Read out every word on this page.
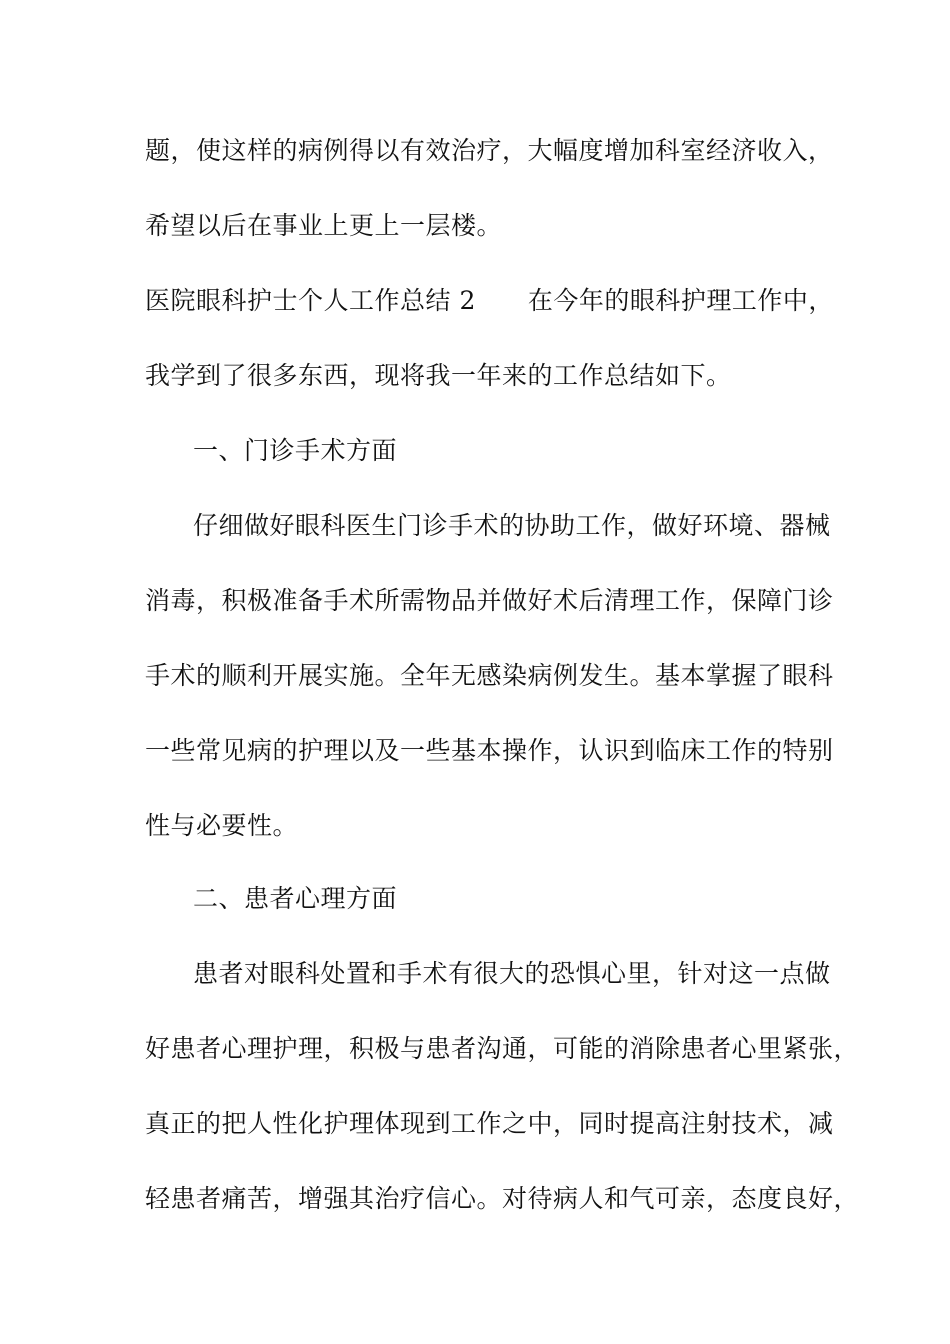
题，使这样的病例得以有效治疗，大幅度增加科室经济收入，
希望以后在事业上更上一层楼。
医院眼科护士个人工作总结 2 在今年的眼科护理工作中，
我学到了很多东西，现将我一年来的工作总结如下。
一、门诊手术方面
仔细做好眼科医生门诊手术的协助工作，做好环境、器械
消毒，积极准备手术所需物品并做好术后清理工作，保障门诊
手术的顺利开展实施。全年无感染病例发生。基本掌握了眼科
一些常见病的护理以及一些基本操作，认识到临床工作的特别
性与必要性。
二、患者心理方面
患者对眼科处置和手术有很大的恐惧心里，针对这一点做
好患者心理护理，积极与患者沟通，可能的消除患者心里紧张，
真正的把人性化护理体现到工作之中，同时提高注射技术，减
轻患者痛苦，增强其治疗信心。对待病人和气可亲，态度良好，
